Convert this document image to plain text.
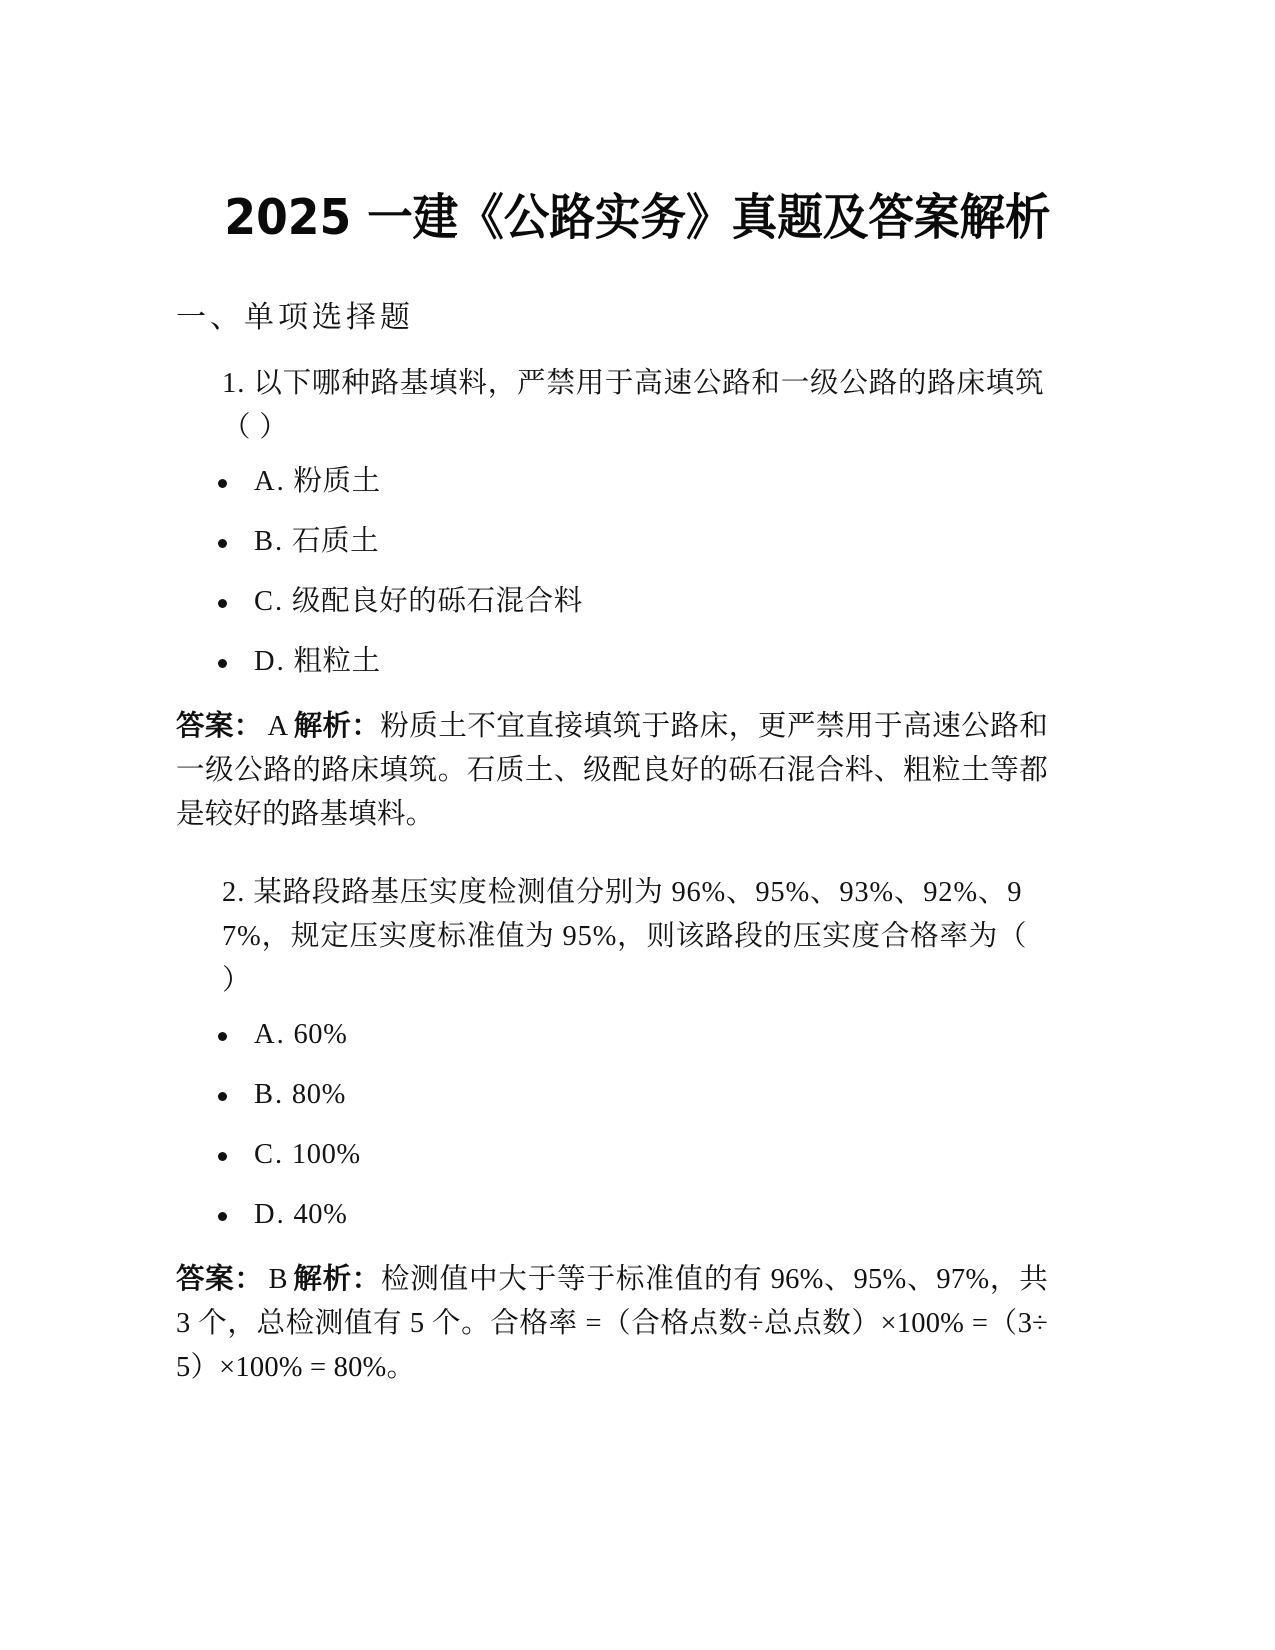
2025 一建《公路实务》真题及答案解析
一、单项选择题
1. 以下哪种路基填料，严禁用于高速公路和一级公路的路床填筑（ ）
A. 粉质土
B. 石质土
C. 级配良好的砾石混合料
D. 粗粒土
答案： A 解析：粉质土不宜直接填筑于路床，更严禁用于高速公路和一级公路的路床填筑。石质土、级配良好的砾石混合料、粗粒土等都是较好的路基填料。
2. 某路段路基压实度检测值分别为 96%、95%、93%、92%、97%，规定压实度标准值为 95%，则该路段的压实度合格率为（ ）
A. 60%
B. 80%
C. 100%
D. 40%
答案： B 解析：检测值中大于等于标准值的有 96%、95%、97%，共 3 个，总检测值有 5 个。合格率 =（合格点数÷总点数）×100% =（3÷5）×100% = 80%。
